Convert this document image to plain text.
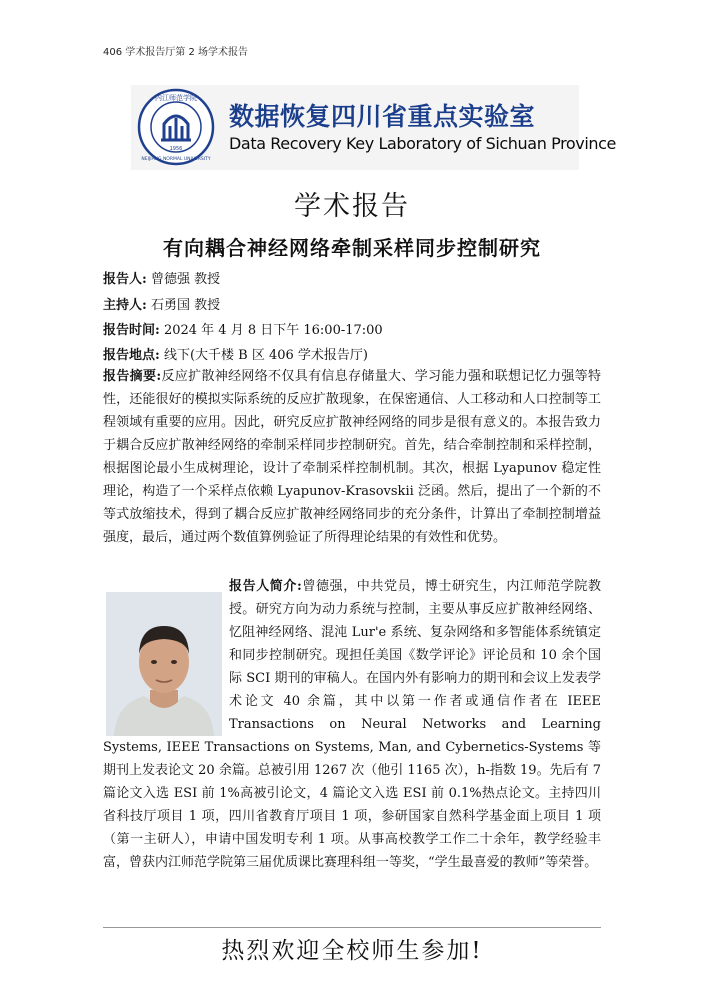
406 学术报告厅第 2 场学术报告
内江师范学院
NEIJIANG NORMAL UNIVERSITY
1956
数据恢复四川省重点实验室
Data Recovery Key Laboratory of Sichuan Province
学术报告
有向耦合神经网络牵制采样同步控制研究
报告人: 曾德强 教授
主持人: 石勇国 教授
报告时间: 2024 年 4 月 8 日下午 16:00-17:00
报告地点: 线下(大千楼 B 区 406 学术报告厅)
报告摘要:反应扩散神经网络不仅具有信息存储量大、学习能力强和联想记忆力强等特性，还能很好的模拟实际系统的反应扩散现象，在保密通信、人工移动和人口控制等工程领域有重要的应用。因此，研究反应扩散神经网络的同步是很有意义的。本报告致力于耦合反应扩散神经网络的牵制采样同步控制研究。首先，结合牵制控制和采样控制，根据图论最小生成树理论，设计了牵制采样控制机制。其次，根据 Lyapunov 稳定性理论，构造了一个采样点依赖 Lyapunov-Krasovskii 泛函。然后，提出了一个新的不等式放缩技术，得到了耦合反应扩散神经网络同步的充分条件，计算出了牵制控制增益强度，最后，通过两个数值算例验证了所得理论结果的有效性和优势。
报告人简介:曾德强，中共党员，博士研究生，内江师范学院教授。研究方向为动力系统与控制，主要从事反应扩散神经网络、忆阻神经网络、混沌 Lur'e 系统、复杂网络和多智能体系统镇定和同步控制研究。现担任美国《数学评论》评论员和 10 余个国际 SCI 期刊的审稿人。在国内外有影响力的期刊和会议上发表学术论文 40 余篇，其中以第一作者或通信作者在 IEEE Transactions on Neural Networks and Learning Systems, IEEE Transactions on Systems, Man, and Cybernetics-Systems 等期刊上发表论文 20 余篇。总被引用 1267 次（他引 1165 次），h-指数 19。先后有 7 篇论文入选 ESI 前 1%高被引论文，4 篇论文入选 ESI 前 0.1%热点论文。主持四川省科技厅项目 1 项，四川省教育厅项目 1 项，参研国家自然科学基金面上项目 1 项（第一主研人），申请中国发明专利 1 项。从事高校教学工作二十余年，教学经验丰富，曾获内江师范学院第三届优质课比赛理科组一等奖，“学生最喜爱的教师”等荣誉。
热烈欢迎全校师生参加!
